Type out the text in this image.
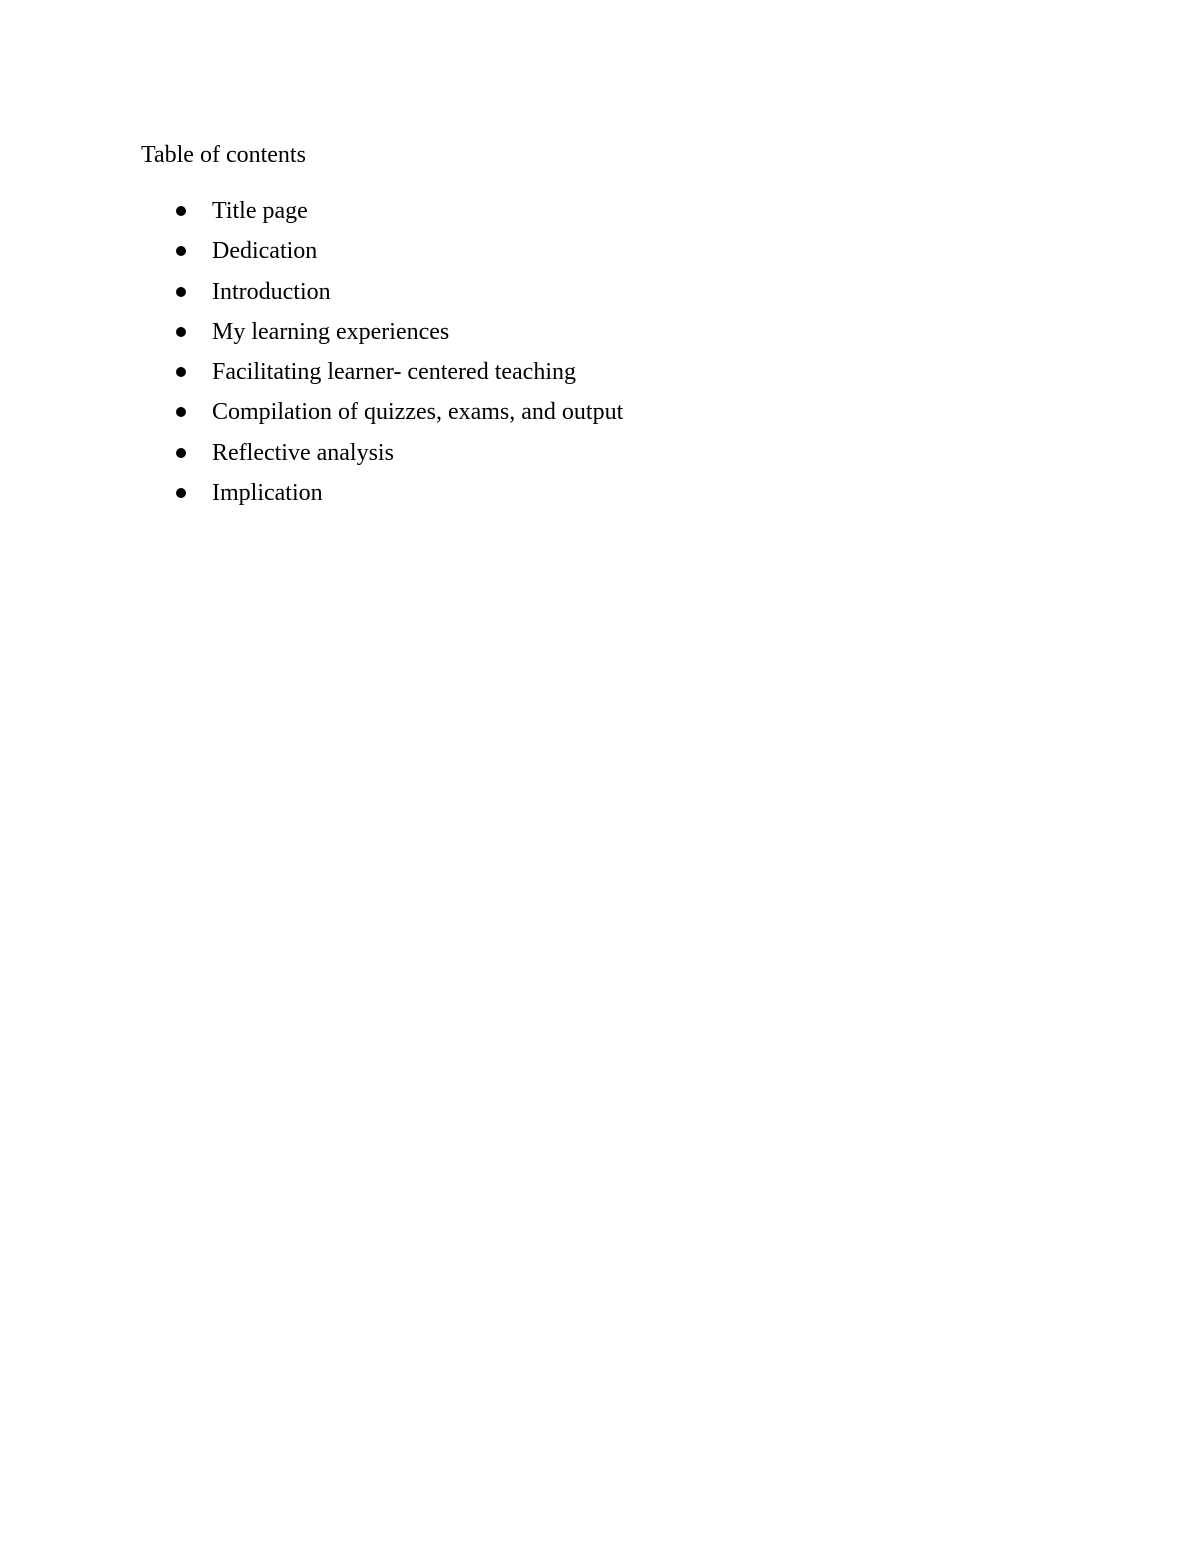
Table of contents
Title page
Dedication
Introduction
My learning experiences
Facilitating learner- centered teaching
Compilation of quizzes, exams, and output
Reflective analysis
Implication
